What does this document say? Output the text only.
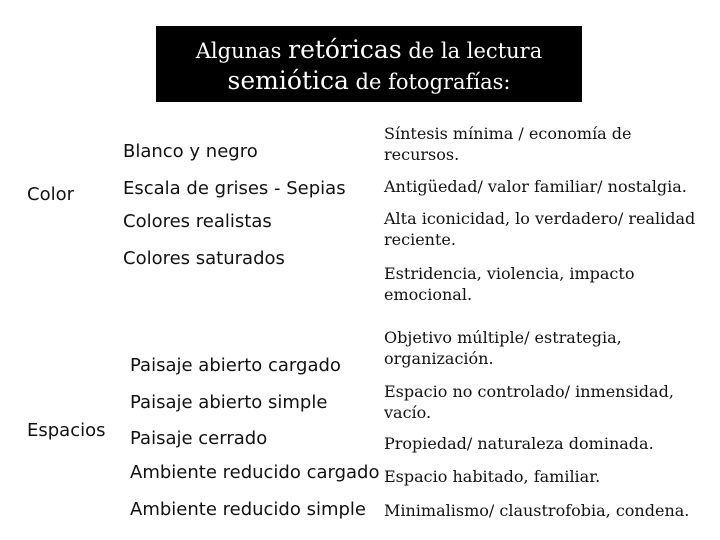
Algunas retóricas de la lectura
semiótica de fotografías:
Color
Blanco y negro
Escala de grises - Sepias
Colores realistas
Colores saturados
Síntesis mínima / economía de recursos.
Antigüedad/ valor familiar/ nostalgia.
Alta iconicidad, lo verdadero/ realidad reciente.
Estridencia, violencia, impacto emocional.
Espacios
Paisaje abierto cargado
Paisaje abierto simple
Paisaje cerrado
Ambiente reducido cargado
Ambiente reducido simple
Objetivo múltiple/ estrategia, organización.
Espacio no controlado/ inmensidad, vacío.
Propiedad/ naturaleza dominada.
Espacio habitado, familiar.
Minimalismo/ claustrofobia, condena.
